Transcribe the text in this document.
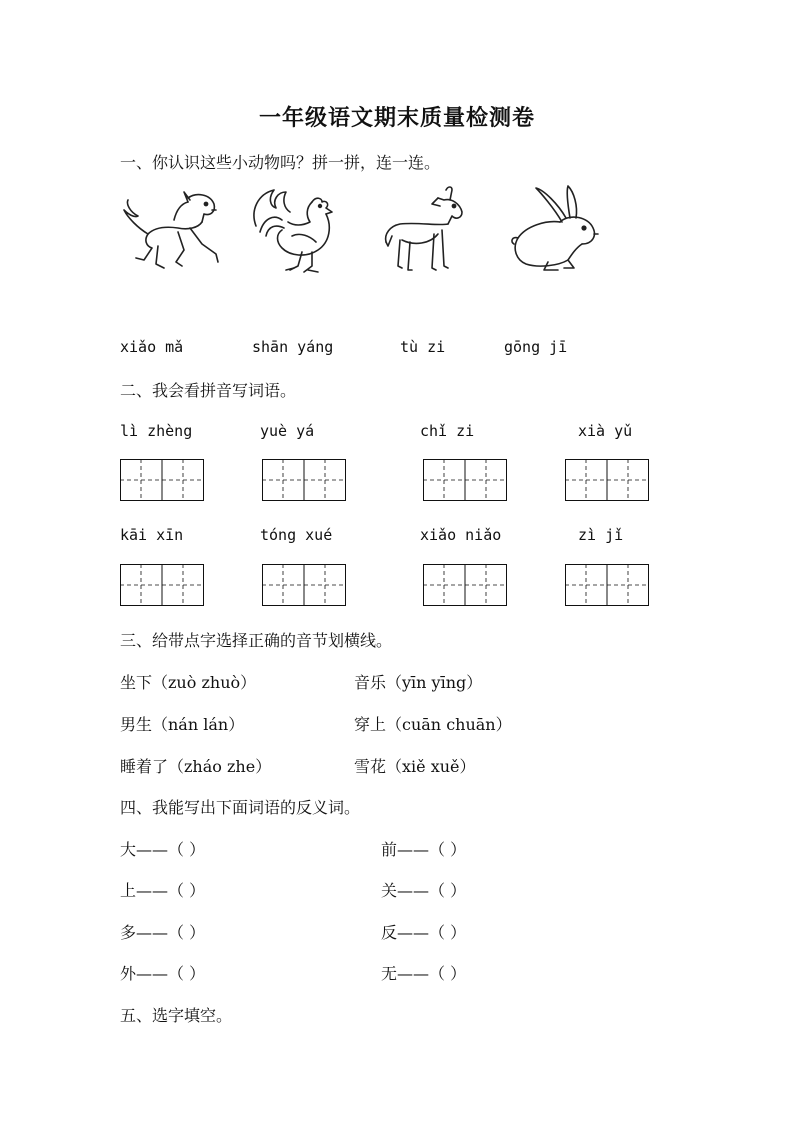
一年级语文期末质量检测卷
一、你认识这些小动物吗？拼一拼，连一连。
xiǎo mǎ	shān yáng	tù zi	gōng jī
二、我会看拼音写词语。
lì zhèng	yuè yá	chǐ zi	xià yǔ
kāi xīn	tóng xué	xiǎo niǎo	zì jǐ
三、给带点字选择正确的音节划横线。
坐下（zuò zhuò）	音乐（yīn yīng）
男生（nán lán）	穿上（cuān chuān）
睡着了（zháo zhe）	雪花（xiě xuě）
四、我能写出下面词语的反义词。
大——（ ）	前——（ ）
上——（ ）	关——（ ）
多——（ ）	反——（ ）
外——（ ）	无——（ ）
五、选字填空。
